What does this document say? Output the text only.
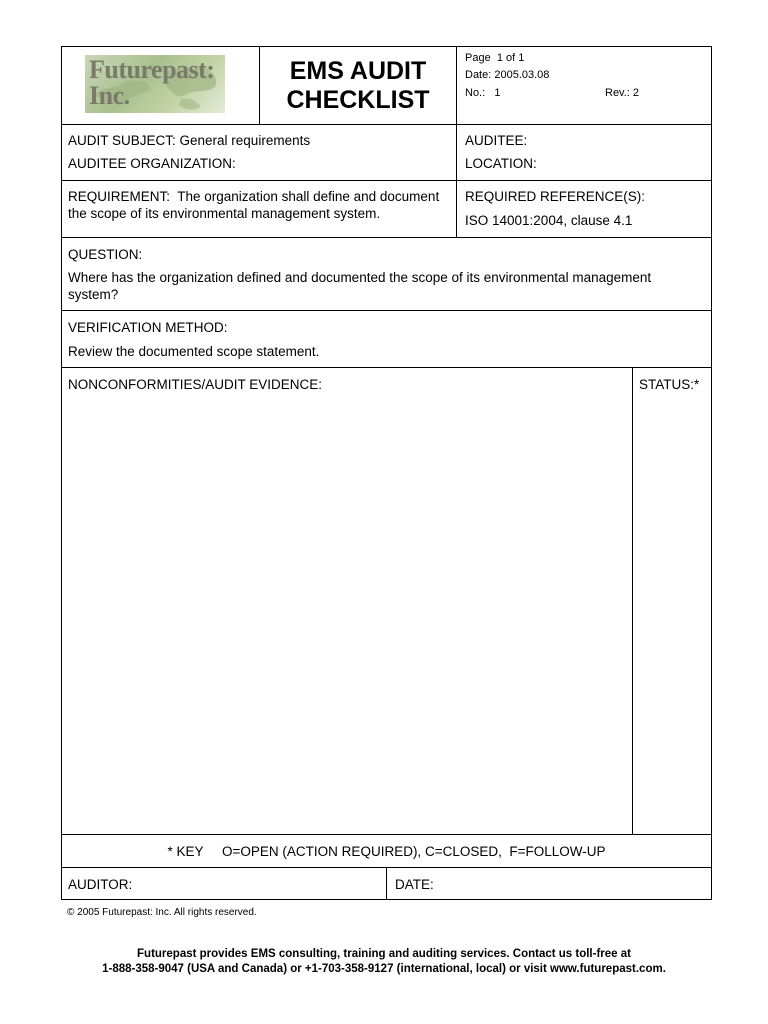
Futurepast:
Inc.
EMS AUDIT
CHECKLIST
Page 1 of 1
Date: 2005.03.08
No.: 1	Rev.: 2
AUDIT SUBJECT: General requirements
AUDITEE ORGANIZATION:
AUDITEE:
LOCATION:
REQUIREMENT:  The organization shall define and document the scope of its environmental management system.
REQUIRED REFERENCE(S):
ISO 14001:2004, clause 4.1
QUESTION:
Where has the organization defined and documented the scope of its environmental management system?
VERIFICATION METHOD:
Review the documented scope statement.
NONCONFORMITIES/AUDIT EVIDENCE:	STATUS:*
* KEY     O=OPEN (ACTION REQUIRED), C=CLOSED,  F=FOLLOW-UP
AUDITOR:	DATE:
© 2005 Futurepast: Inc. All rights reserved.
Futurepast provides EMS consulting, training and auditing services. Contact us toll-free at
1-888-358-9047 (USA and Canada) or +1-703-358-9127 (international, local) or visit www.futurepast.com.
